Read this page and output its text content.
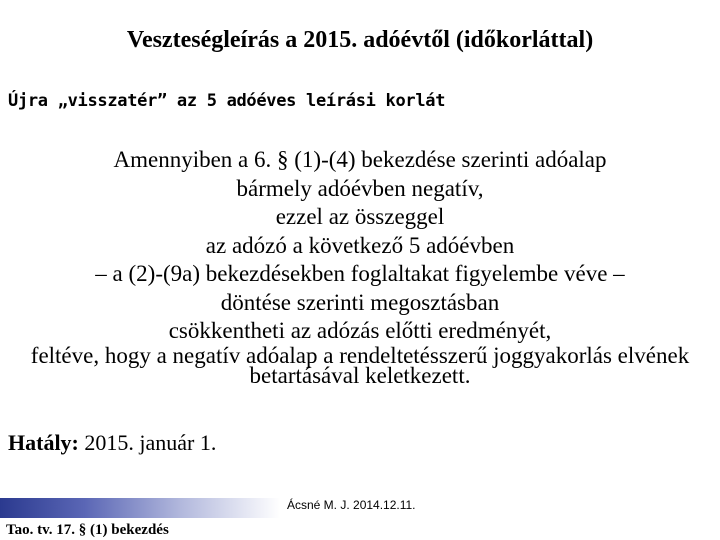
Veszteségleírás a 2015. adóévtől (időkorláttal)

Újra „visszatér” az 5 adóéves leírási korlát

Amennyiben a 6. § (1)-(4) bekezdése szerinti adóalap
bármely adóévben negatív,
ezzel az összeggel
az adózó a következő 5 adóévben
– a (2)-(9a) bekezdésekben foglaltakat figyelembe véve –
döntése szerinti megosztásban
csökkentheti az adózás előtti eredményét,
feltéve, hogy a negatív adóalap a rendeltetésszerű joggyakorlás elvének
betartásával keletkezett.
Hatály: 2015. január 1.
Ácsné M. J. 2014.12.11.
Tao. tv. 17. § (1) bekezdés
